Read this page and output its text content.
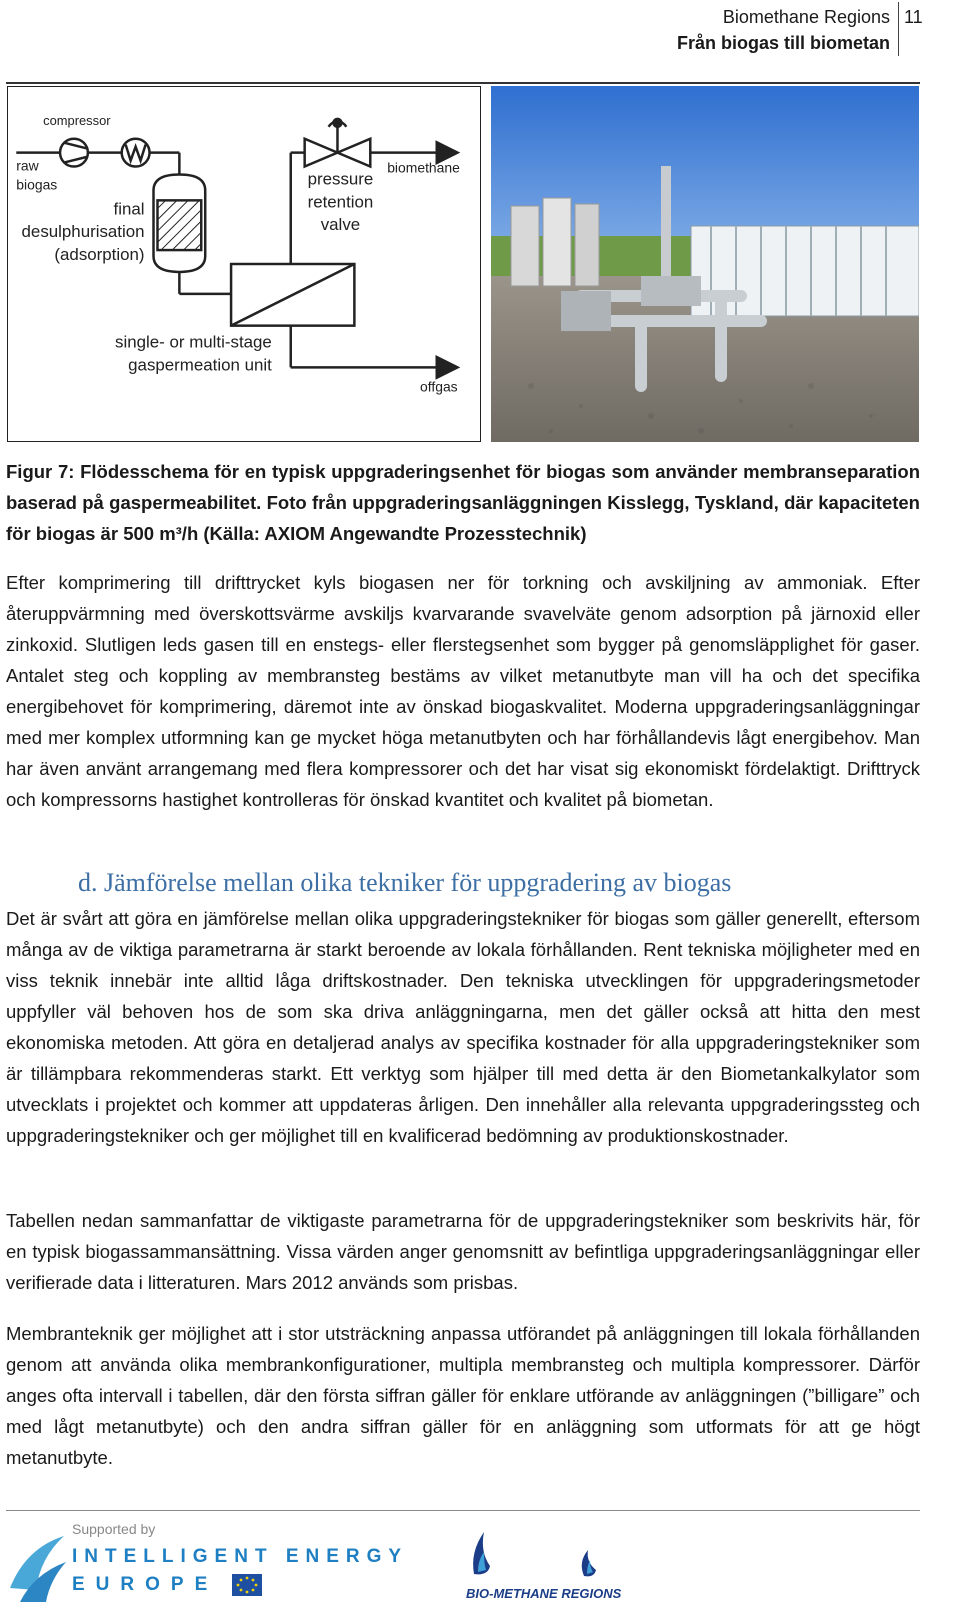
Biomethane Regions
Från biogas till biometan
11
compressor
raw
biogas
final
desulphurisation
(adsorption)
pressure
retention
valve
biomethane
single- or multi-stage
gaspermeation unit
offgas
Figur 7: Flödesschema för en typisk uppgraderingsenhet för biogas som använder membranseparation baserad på gaspermeabilitet. Foto från uppgraderingsanläggningen Kisslegg, Tyskland, där kapaciteten för biogas är 500 m³/h (Källa: AXIOM Angewandte Prozesstechnik)
Efter komprimering till drifttrycket kyls biogasen ner för torkning och avskiljning av ammoniak. Efter återuppvärmning med överskottsvärme avskiljs kvarvarande svavelväte genom adsorption på järnoxid eller zinkoxid. Slutligen leds gasen till en enstegs- eller flerstegsenhet som bygger på genomsläpplighet för gaser. Antalet steg och koppling av membransteg bestäms av vilket metanutbyte man vill ha och det specifika energibehovet för komprimering, däremot inte av önskad biogaskvalitet. Moderna uppgraderingsanläggningar med mer komplex utformning kan ge mycket höga metanutbyten och har förhållandevis lågt energibehov. Man har även använt arrangemang med flera kompressorer och det har visat sig ekonomiskt fördelaktigt. Drifttryck och kompressorns hastighet kontrolleras för önskad kvantitet och kvalitet på biometan.
d. Jämförelse mellan olika tekniker för uppgradering av biogas
Det är svårt att göra en jämförelse mellan olika uppgraderingstekniker för biogas som gäller generellt, eftersom många av de viktiga parametrarna är starkt beroende av lokala förhållanden. Rent tekniska möjligheter med en viss teknik innebär inte alltid låga driftskostnader. Den tekniska utvecklingen för uppgraderingsmetoder uppfyller väl behoven hos de som ska driva anläggningarna, men det gäller också att hitta den mest ekonomiska metoden. Att göra en detaljerad analys av specifika kostnader för alla uppgraderingstekniker som är tillämpbara rekommenderas starkt. Ett verktyg som hjälper till med detta är den Biometankalkylator som utvecklats i projektet och kommer att uppdateras årligen. Den innehåller alla relevanta uppgraderingssteg och uppgraderingstekniker och ger möjlighet till en kvalificerad bedömning av produktionskostnader.
Tabellen nedan sammanfattar de viktigaste parametrarna för de uppgraderingstekniker som beskrivits här, för en typisk biogassammansättning. Vissa värden anger genomsnitt av befintliga uppgraderingsanläggningar eller verifierade data i litteraturen. Mars 2012 används som prisbas.
Membranteknik ger möjlighet att i stor utsträckning anpassa utförandet på anläggningen till lokala förhållanden genom att använda olika membrankonfigurationer, multipla membransteg och multipla kompressorer. Därför anges ofta intervall i tabellen, där den första siffran gäller för enklare utförande av anläggningen (”billigare” och med lågt metanutbyte) och den andra siffran gäller för en anläggning som utformats för att ge högt metanutbyte.
Supported by
INTELLIGENT ENERGY
EUROPE	BIO-METHANE REGIONS
